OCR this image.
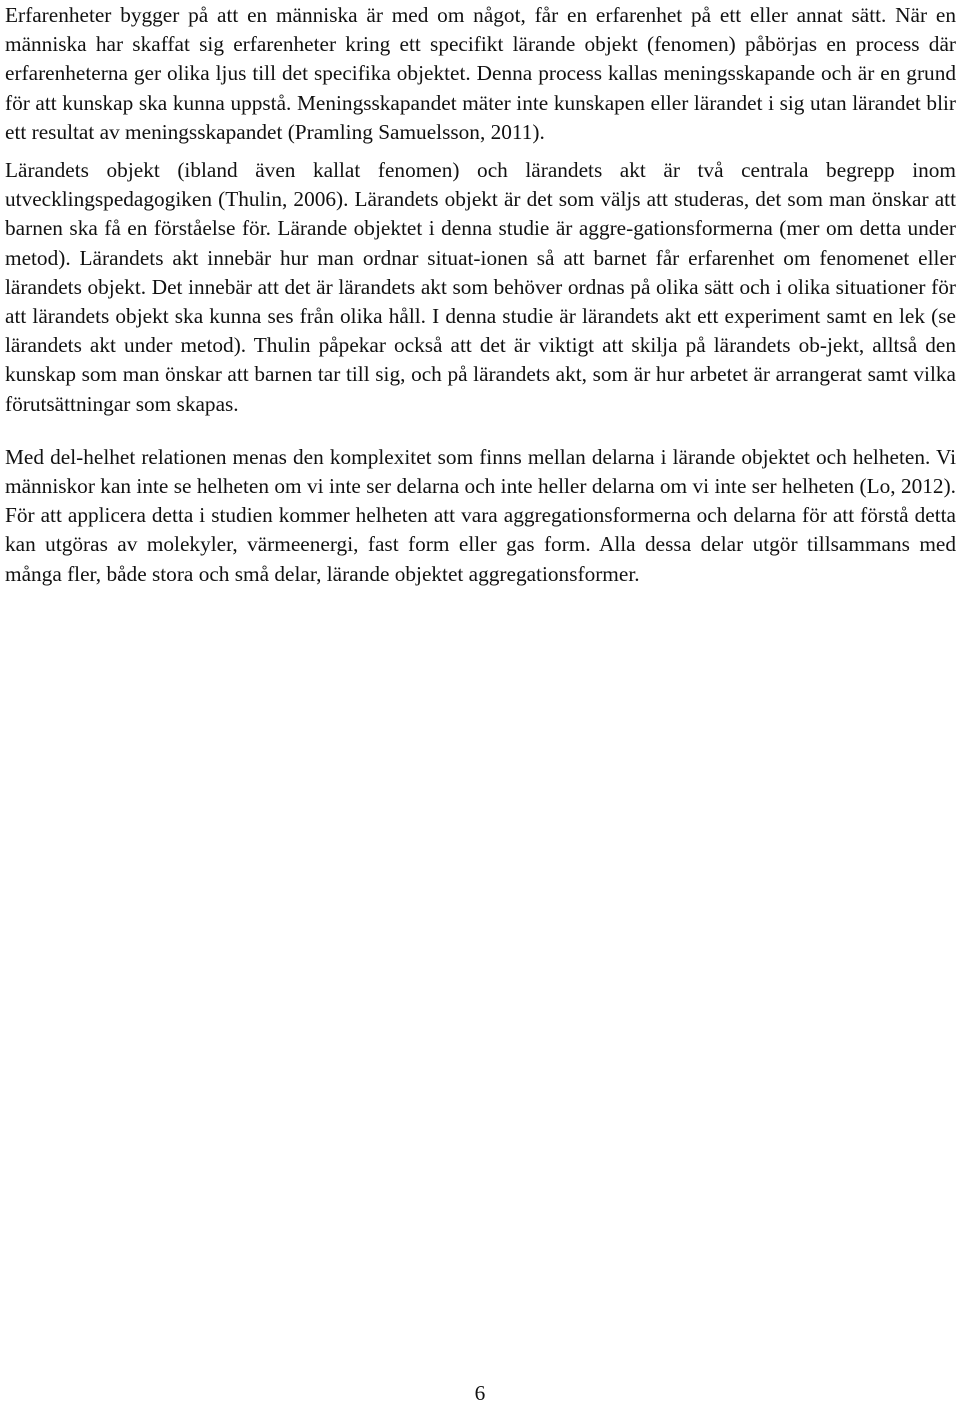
Erfarenheter bygger på att en människa är med om något, får en erfarenhet på ett eller annat sätt. När en människa har skaffat sig erfarenheter kring ett specifikt lärande objekt (fenomen) påbörjas en process där erfarenheterna ger olika ljus till det specifika objektet. Denna process kallas meningsskapande och är en grund för att kunskap ska kunna uppstå. Meningsskapandet mäter inte kunskapen eller lärandet i sig utan lärandet blir ett resultat av meningsskapandet (Pramling Samuelsson, 2011).

Lärandets objekt (ibland även kallat fenomen) och lärandets akt är två centrala begrepp inom utvecklingspedagogiken (Thulin, 2006). Lärandets objekt är det som väljs att studeras, det som man önskar att barnen ska få en förståelse för. Lärande objektet i denna studie är aggre-gationsformerna (mer om detta under metod). Lärandets akt innebär hur man ordnar situat-ionen så att barnet får erfarenhet om fenomenet eller lärandets objekt. Det innebär att det är lärandets akt som behöver ordnas på olika sätt och i olika situationer för att lärandets objekt ska kunna ses från olika håll. I denna studie är lärandets akt ett experiment samt en lek (se lärandets akt under metod). Thulin påpekar också att det är viktigt att skilja på lärandets ob-jekt, alltså den kunskap som man önskar att barnen tar till sig, och på lärandets akt, som är hur arbetet är arrangerat samt vilka förutsättningar som skapas.

Med del-helhet relationen menas den komplexitet som finns mellan delarna i lärande objektet och helheten. Vi människor kan inte se helheten om vi inte ser delarna och inte heller delarna om vi inte ser helheten (Lo, 2012). För att applicera detta i studien kommer helheten att vara aggregationsformerna och delarna för att förstå detta kan utgöras av molekyler, värmeenergi, fast form eller gas form. Alla dessa delar utgör tillsammans med många fler, både stora och små delar, lärande objektet aggregationsformer.

6
